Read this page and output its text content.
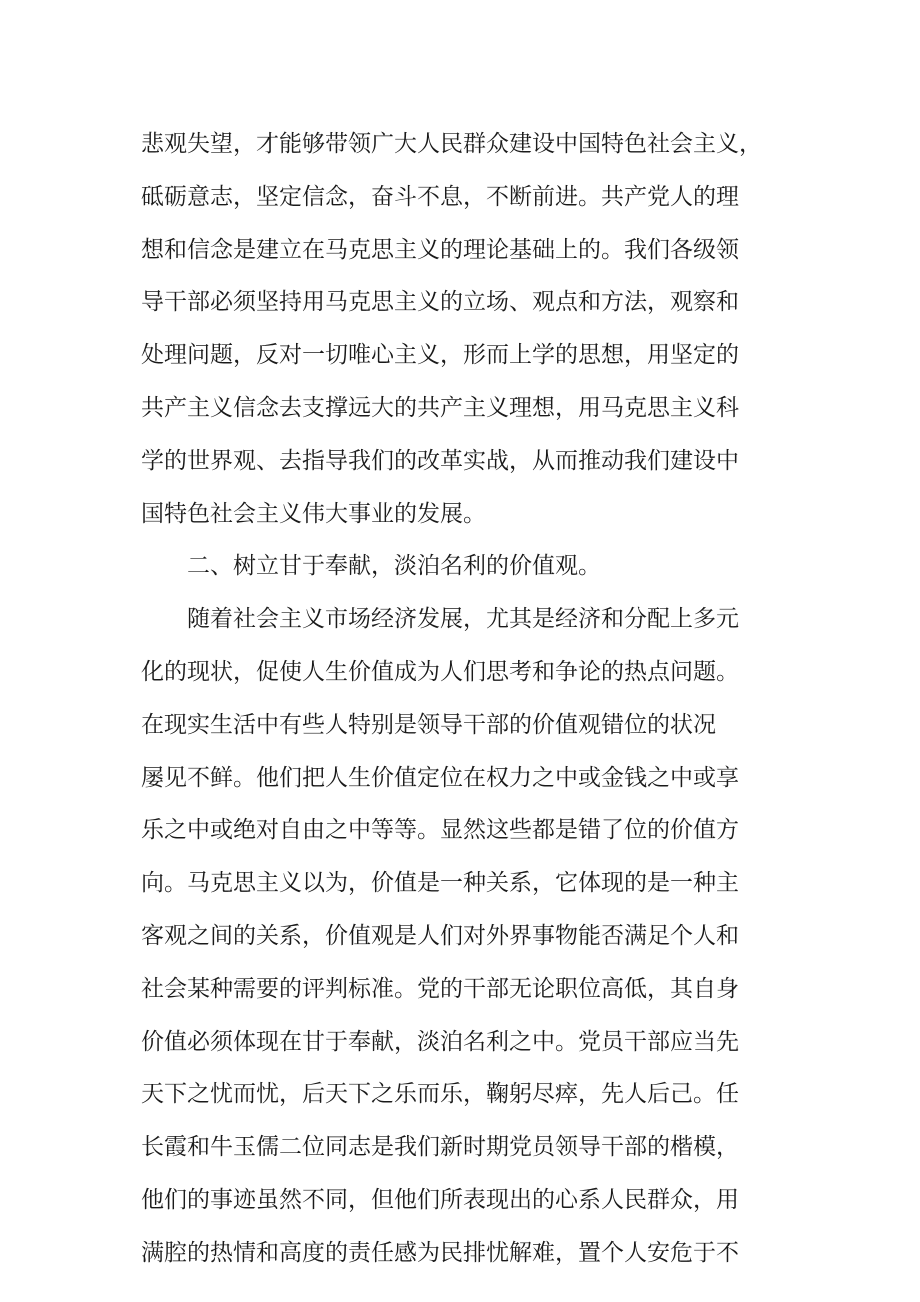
悲观失望，才能够带领广大人民群众建设中国特色社会主义，
砥砺意志，坚定信念，奋斗不息，不断前进。共产党人的理
想和信念是建立在马克思主义的理论基础上的。我们各级领
导干部必须坚持用马克思主义的立场、观点和方法，观察和
处理问题，反对一切唯心主义，形而上学的思想，用坚定的
共产主义信念去支撑远大的共产主义理想，用马克思主义科
学的世界观、去指导我们的改革实战，从而推动我们建设中
国特色社会主义伟大事业的发展。
二、树立甘于奉献，淡泊名利的价值观。
随着社会主义市场经济发展，尤其是经济和分配上多元
化的现状，促使人生价值成为人们思考和争论的热点问题。
在现实生活中有些人特别是领导干部的价值观错位的状况
屡见不鲜。他们把人生价值定位在权力之中或金钱之中或享
乐之中或绝对自由之中等等。显然这些都是错了位的价值方
向。马克思主义以为，价值是一种关系，它体现的是一种主
客观之间的关系，价值观是人们对外界事物能否满足个人和
社会某种需要的评判标准。党的干部无论职位高低，其自身
价值必须体现在甘于奉献，淡泊名利之中。党员干部应当先
天下之忧而忧，后天下之乐而乐，鞠躬尽瘁，先人后己。任
长霞和牛玉儒二位同志是我们新时期党员领导干部的楷模，
他们的事迹虽然不同，但他们所表现出的心系人民群众，用
满腔的热情和高度的责任感为民排忧解难，置个人安危于不
